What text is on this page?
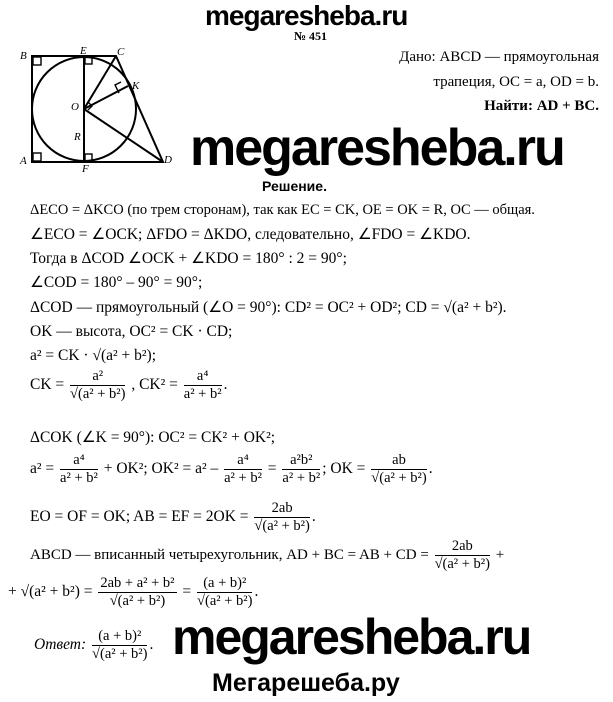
megaresheba.ru
№ 451
B	E	C
K
O
R
A
F
D
Дано: ABCD — прямоугольная
трапеция, OC = a, OD = b.
Найти: AD + BC.
megaresheba.ru
Решение.
ΔECO = ΔKCO (по трем сторонам), так как EC = CK, OE = OK = R, OC — общая.
∠ECO = ∠OCK; ΔFDO = ΔKDO, следовательно, ∠FDO = ∠KDO.
Тогда в ΔCOD ∠OCK + ∠KDO = 180° : 2 = 90°;
∠COD = 180° – 90° = 90°;
ΔCOD — прямоугольный (∠O = 90°): CD² = OC² + OD²; CD = √(a² + b²).
OK — высота, OC² = CK · CD;
a² = CK · √(a² + b²);
CK = $\frac{\text{a²}}{\text{√(a² + b²)}}$ , $CK^2 = \frac{\text{a⁴}}{\text{a² + b²}}$ .
ΔCOK (∠K = 90°): OC² = CK² + OK²;
$a^2 = \frac{\text{a⁴}}{\text{a² + b²}} + OK^2$; $OK^2 = a^2 - \frac{\text{a⁴}}{\text{a² + b²}} = \frac{\text{a²b²}}{\text{a² + b²}}$ ; OK = $\frac{ab}{\text{√(a² + b²)}}$ .
EO = OF = OK; AB = EF = $2OK = \frac{2ab}{\text{√(a² + b²)}}$ .
ABCD — вписанный четырехугольник, AD + BC = AB + CD = $\frac{2ab}{\text{√(a² + b²)}}$ +
+ $√(a^2 + b^2) = \frac{\text{2ab + a² + b²}}{\text{√(a² + b²)}} = \frac{\text{(a + b)²}}{\text{√(a² + b²)}}$ .
Ответ: $\frac{\text{(a + b)²}}{\text{√(a² + b²)}}$ . megaresheba.ru
Мегарешеба.ру
